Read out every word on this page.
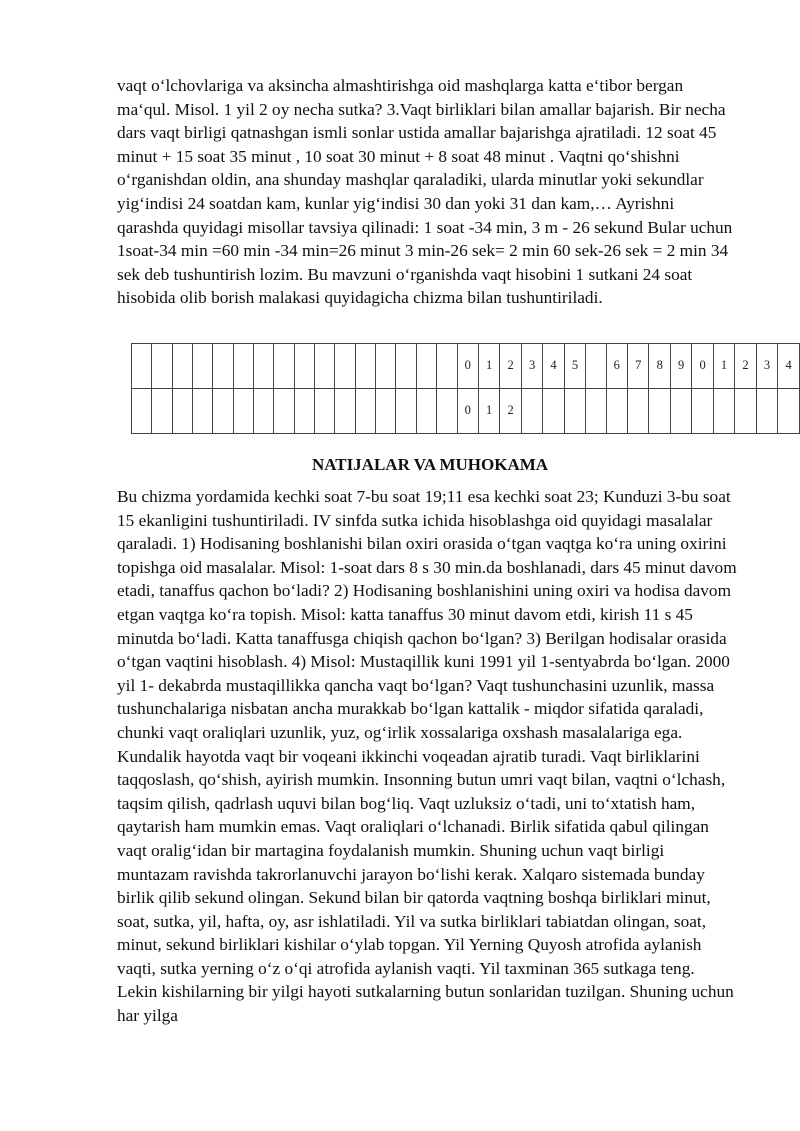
vaqt o‘lchovlariga va aksincha almashtirishga oid mashqlarga katta e‘tibor bergan ma‘qul. Misol. 1 yil 2 oy necha sutka? 3.Vaqt birliklari bilan amallar bajarish. Bir necha dars vaqt birligi qatnashgan ismli sonlar ustida amallar bajarishga ajratiladi. 12 soat 45 minut + 15 soat 35 minut , 10 soat 30 minut + 8 soat 48 minut . Vaqtni qo‘shishni o‘rganishdan oldin, ana shunday mashqlar qaraladiki, ularda minutlar yoki sekundlar yig‘indisi 24 soatdan kam, kunlar yig‘indisi 30 dan yoki 31 dan kam,… Ayrishni qarashda quyidagi misollar tavsiya qilinadi: 1 soat -34 min, 3 m - 26 sekund Bular uchun 1soat-34 min =60 min -34 min=26 minut 3 min-26 sek= 2 min 60 sek-26 sek = 2 min 34 sek deb tushuntirish lozim. Bu mavzuni o‘rganishda vaqt hisobini 1 sutkani 24 soat hisobida olib borish malakasi quyidagicha chizma bilan tushuntiriladi.

																0	1	2	3	4	5		6	7	8	9	0	1	2	3	4
																0	1	2													
NATIJALAR VA MUHOKAMA

Bu chizma yordamida kechki soat 7-bu soat 19;11 esa kechki soat 23; Kunduzi 3-bu soat 15 ekanligini tushuntiriladi. IV sinfda sutka ichida hisoblashga oid quyidagi masalalar qaraladi. 1) Hodisaning boshlanishi bilan oxiri orasida o‘tgan vaqtga ko‘ra uning oxirini topishga oid masalalar. Misol: 1-soat dars 8 s 30 min.da boshlanadi, dars 45 minut davom etadi, tanaffus qachon bo‘ladi? 2) Hodisaning boshlanishini uning oxiri va hodisa davom etgan vaqtga ko‘ra topish. Misol: katta tanaffus 30 minut davom etdi, kirish 11 s 45 minutda bo‘ladi. Katta tanaffusga chiqish qachon bo‘lgan? 3) Berilgan hodisalar orasida o‘tgan vaqtini hisoblash. 4) Misol: Mustaqillik kuni 1991 yil 1-sentyabrda bo‘lgan. 2000 yil 1- dekabrda mustaqillikka qancha vaqt bo‘lgan? Vaqt tushunchasini uzunlik, massa tushunchalariga nisbatan ancha murakkab bo‘lgan kattalik - miqdor sifatida qaraladi, chunki vaqt oraliqlari uzunlik, yuz, og‘irlik xossalariga oxshash masalalariga ega. Kundalik hayotda vaqt bir voqeani ikkinchi voqeadan ajratib turadi. Vaqt birliklarini taqqoslash, qo‘shish, ayirish mumkin. Insonning butun umri vaqt bilan, vaqtni o‘lchash, taqsim qilish, qadrlash uquvi bilan bog‘liq. Vaqt uzluksiz o‘tadi, uni to‘xtatish ham, qaytarish ham mumkin emas. Vaqt oraliqlari o‘lchanadi. Birlik sifatida qabul qilingan vaqt oralig‘idan bir martagina foydalanish mumkin. Shuning uchun vaqt birligi muntazam ravishda takrorlanuvchi jarayon bo‘lishi kerak. Xalqaro sistemada bunday birlik qilib sekund olingan. Sekund bilan bir qatorda vaqtning boshqa birliklari minut, soat, sutka, yil, hafta, oy, asr ishlatiladi. Yil va sutka birliklari tabiatdan olingan, soat, minut, sekund birliklari kishilar o‘ylab topgan. Yil Yerning Quyosh atrofida aylanish vaqti, sutka yerning o‘z o‘qi atrofida aylanish vaqti. Yil taxminan 365 sutkaga teng. Lekin kishilarning bir yilgi hayoti sutkalarning butun sonlaridan tuzilgan. Shuning uchun har yilga
